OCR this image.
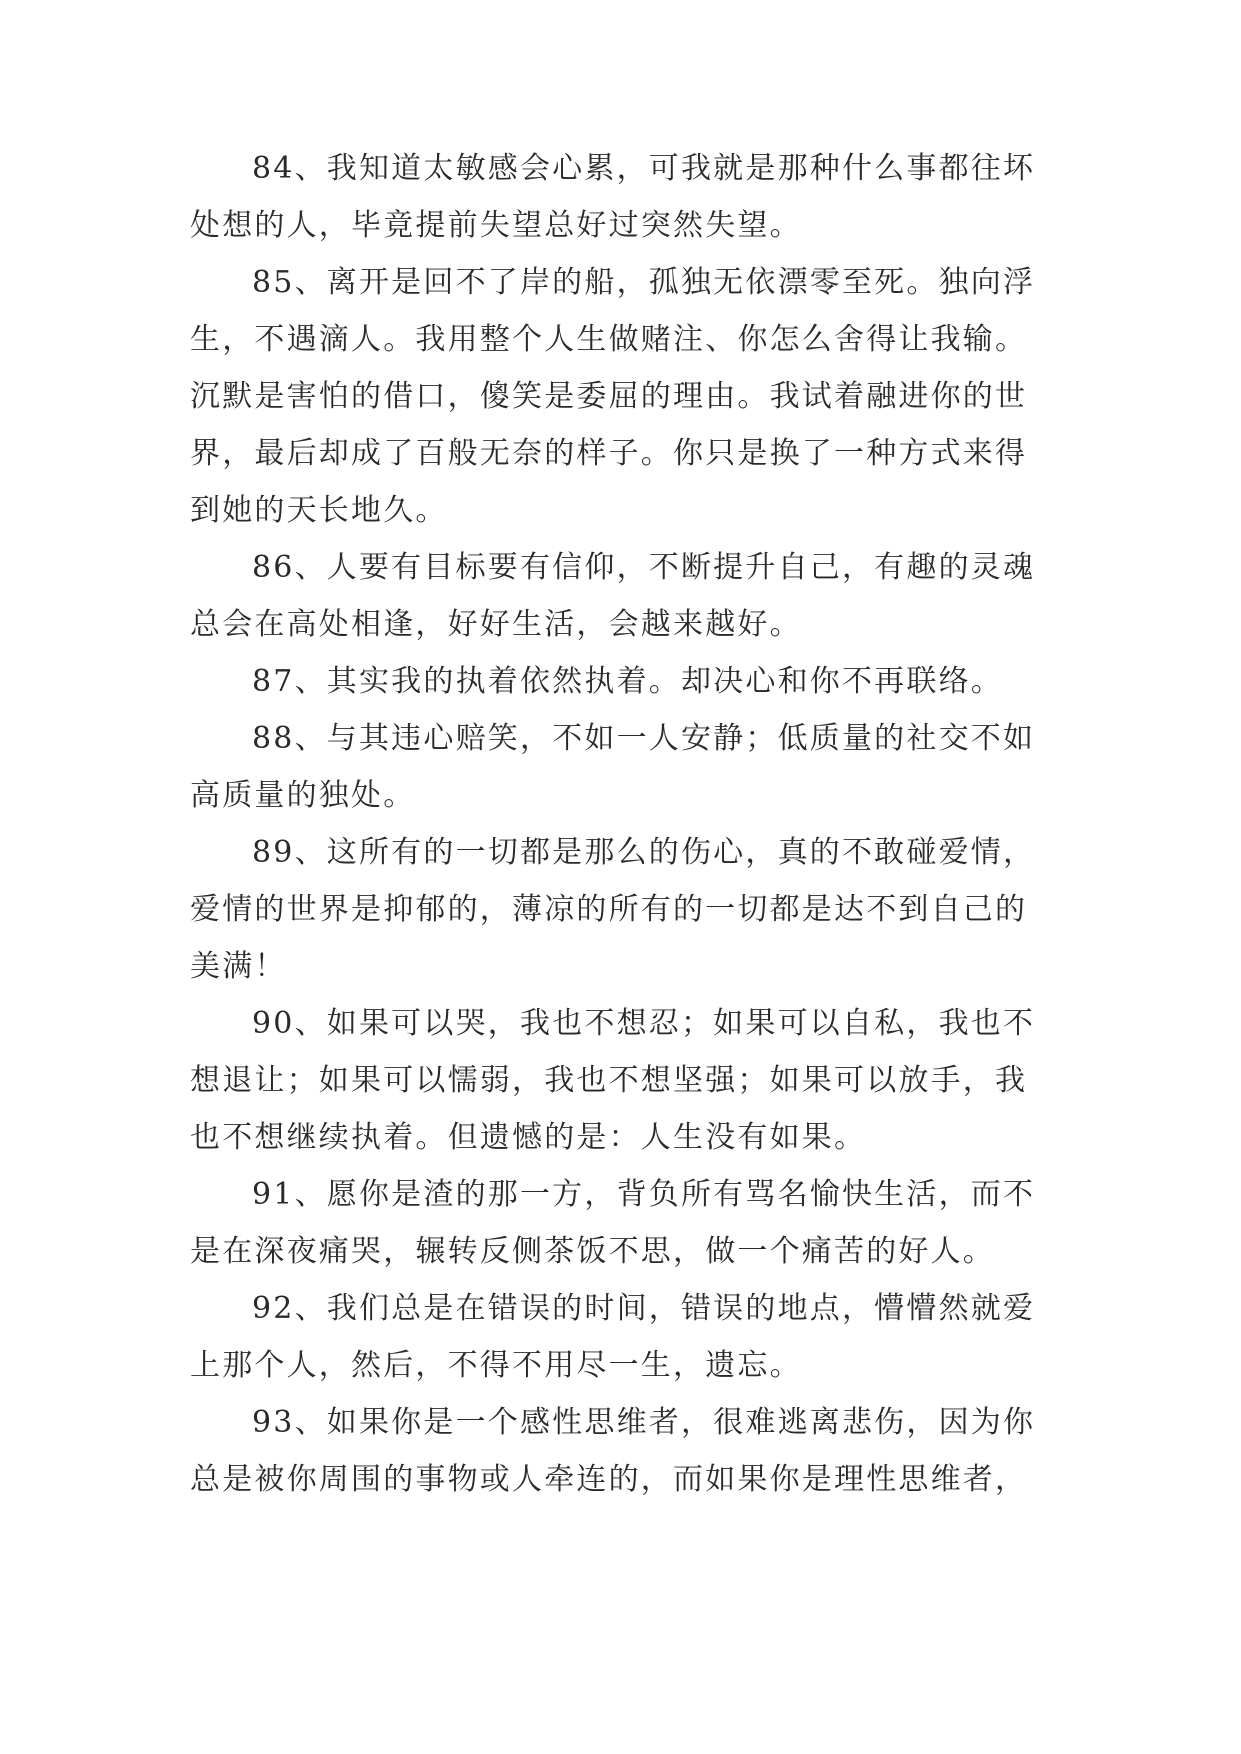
84、我知道太敏感会心累，可我就是那种什么事都往坏
处想的人，毕竟提前失望总好过突然失望。
85、离开是回不了岸的船，孤独无依漂零至死。独向浮
生，不遇滴人。我用整个人生做赌注、你怎么舍得让我输。
沉默是害怕的借口，傻笑是委屈的理由。我试着融进你的世
界，最后却成了百般无奈的样子。你只是换了一种方式来得
到她的天长地久。
86、人要有目标要有信仰，不断提升自己，有趣的灵魂
总会在高处相逢，好好生活，会越来越好。
87、其实我的执着依然执着。却决心和你不再联络。
88、与其违心赔笑，不如一人安静；低质量的社交不如
高质量的独处。
89、这所有的一切都是那么的伤心，真的不敢碰爱情，
爱情的世界是抑郁的，薄凉的所有的一切都是达不到自己的
美满！
90、如果可以哭，我也不想忍；如果可以自私，我也不
想退让；如果可以懦弱，我也不想坚强；如果可以放手，我
也不想继续执着。但遗憾的是：人生没有如果。
91、愿你是渣的那一方，背负所有骂名愉快生活，而不
是在深夜痛哭，辗转反侧茶饭不思，做一个痛苦的好人。
92、我们总是在错误的时间，错误的地点，懵懵然就爱
上那个人，然后，不得不用尽一生，遗忘。
93、如果你是一个感性思维者，很难逃离悲伤，因为你
总是被你周围的事物或人牵连的，而如果你是理性思维者，
